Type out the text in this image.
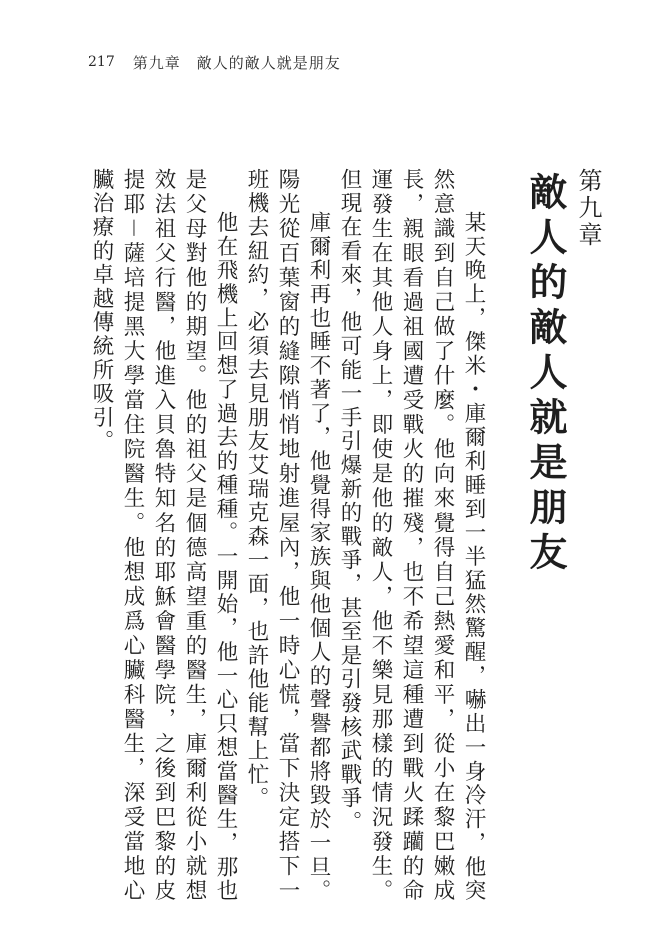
217 第九章　敵人的敵人就是朋友
第九章
敵人的敵人就是朋友

某天晚上，傑米・庫爾利睡到一半猛然驚醒，嚇出一身冷汗，他突然意識到自己做了什麼。他向來覺得自己熱愛和平，從小在黎巴嫩成長，親眼看過祖國遭受戰火的摧殘，也不希望這種遭到戰火蹂躪的命運發生在其他人身上，即使是他的敵人，他不樂見那樣的情況發生。但現在看來，他可能一手引爆新的戰爭，甚至是引發核武戰爭。

庫爾利再也睡不著了，他覺得家族與他個人的聲譽都將毀於一旦。陽光從百葉窗的縫隙悄悄地射進屋內，他一時心慌，當下決定搭下一班機去紐約，必須去見朋友艾瑞克森一面，也許他能幫上忙。

他在飛機上回想了過去的種種。一開始，他一心只想當醫生，那也是父母對他的期望。他的祖父是個德高望重的醫生，庫爾利從小就想效法祖父行醫，他進入貝魯特知名的耶穌會醫學院，之後到巴黎的皮提耶－薩培提黑大學當住院醫生。他想成爲心臟科醫生，深受當地心臟治療的卓越傳統所吸引。
